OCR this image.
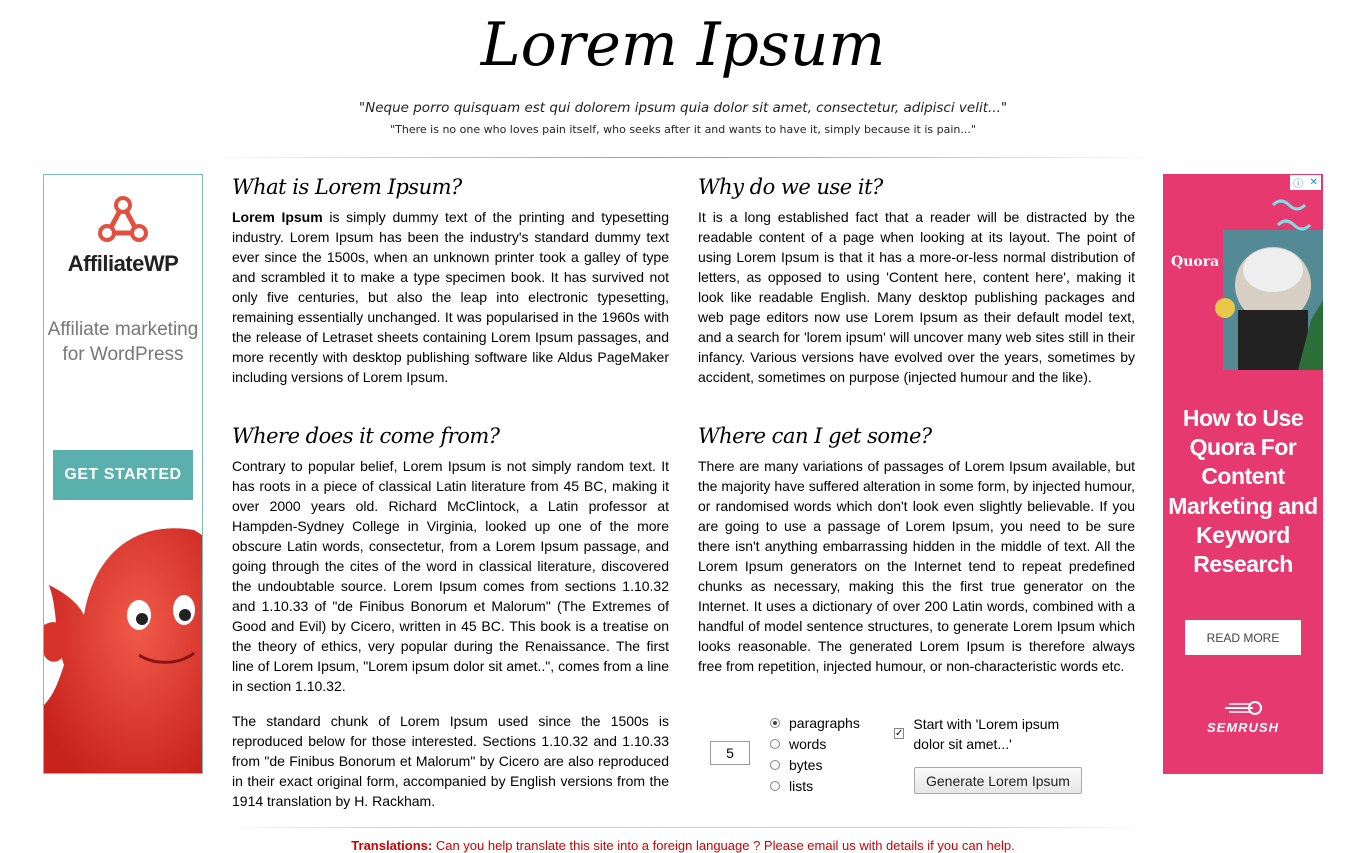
Lorem Ipsum
"Neque porro quisquam est qui dolorem ipsum quia dolor sit amet, consectetur, adipisci velit..."
"There is no one who loves pain itself, who seeks after it and wants to have it, simply because it is pain..."
What is Lorem Ipsum?

Lorem Ipsum is simply dummy text of the printing and typesetting industry. Lorem Ipsum has been the industry's standard dummy text ever since the 1500s, when an unknown printer took a galley of type and scrambled it to make a type specimen book. It has survived not only five centuries, but also the leap into electronic typesetting, remaining essentially unchanged. It was popularised in the 1960s with the release of Letraset sheets containing Lorem Ipsum passages, and more recently with desktop publishing software like Aldus PageMaker including versions of Lorem Ipsum.

Where does it come from?

Contrary to popular belief, Lorem Ipsum is not simply random text. It has roots in a piece of classical Latin literature from 45 BC, making it over 2000 years old. Richard McClintock, a Latin professor at Hampden-Sydney College in Virginia, looked up one of the more obscure Latin words, consectetur, from a Lorem Ipsum passage, and going through the cites of the word in classical literature, discovered the undoubtable source. Lorem Ipsum comes from sections 1.10.32 and 1.10.33 of "de Finibus Bonorum et Malorum" (The Extremes of Good and Evil) by Cicero, written in 45 BC. This book is a treatise on the theory of ethics, very popular during the Renaissance. The first line of Lorem Ipsum, "Lorem ipsum dolor sit amet..", comes from a line in section 1.10.32.

The standard chunk of Lorem Ipsum used since the 1500s is reproduced below for those interested. Sections 1.10.32 and 1.10.33 from "de Finibus Bonorum et Malorum" by Cicero are also reproduced in their exact original form, accompanied by English versions from the 1914 translation by H. Rackham.

Why do we use it?

It is a long established fact that a reader will be distracted by the readable content of a page when looking at its layout. The point of using Lorem Ipsum is that it has a more-or-less normal distribution of letters, as opposed to using 'Content here, content here', making it look like readable English. Many desktop publishing packages and web page editors now use Lorem Ipsum as their default model text, and a search for 'lorem ipsum' will uncover many web sites still in their infancy. Various versions have evolved over the years, sometimes by accident, sometimes on purpose (injected humour and the like).

Where can I get some?

There are many variations of passages of Lorem Ipsum available, but the majority have suffered alteration in some form, by injected humour, or randomised words which don't look even slightly believable. If you are going to use a passage of Lorem Ipsum, you need to be sure there isn't anything embarrassing hidden in the middle of text. All the Lorem Ipsum generators on the Internet tend to repeat predefined chunks as necessary, making this the first true generator on the Internet. It uses a dictionary of over 200 Latin words, combined with a handful of model sentence structures, to generate Lorem Ipsum which looks reasonable. The generated Lorem Ipsum is therefore always free from repetition, injected humour, or non-characteristic words etc.

5
paragraphs
words
bytes
lists
✓
Start with 'Lorem ipsum dolor sit amet...'
Generate Lorem Ipsum
AffiliateWP
Affiliate marketing for WordPress
GET STARTED
ⓘ ✕
Quora
How to Use Quora For Content Marketing and Keyword Research
READ MORE
SEMRUSH
Translations: Can you help translate this site into a foreign language ? Please email us with details if you can help.
